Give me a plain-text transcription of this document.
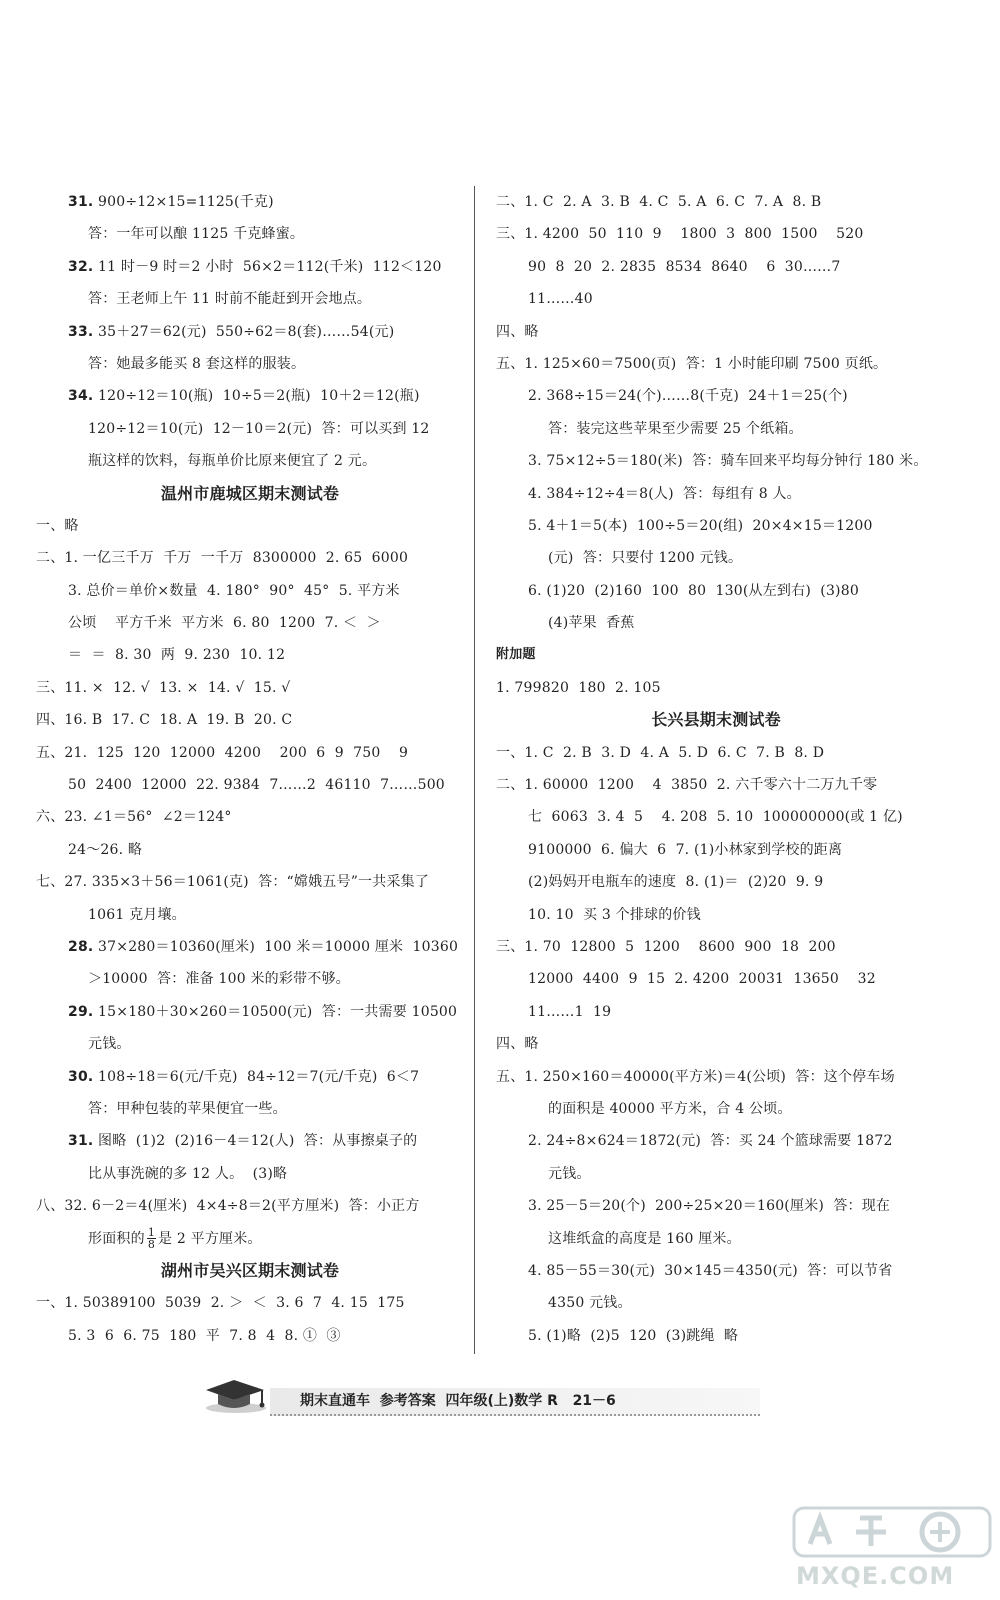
31. 900÷12×15=1125(千克)
答：一年可以酿 1125 千克蜂蜜。
32. 11 时－9 时＝2 小时  56×2＝112(千米)  112＜120
答：王老师上午 11 时前不能赶到开会地点。
33. 35＋27＝62(元)  550÷62＝8(套)……54(元)
答：她最多能买 8 套这样的服装。
34. 120÷12＝10(瓶)  10÷5＝2(瓶)  10＋2＝12(瓶)
120÷12＝10(元)  12－10＝2(元)  答：可以买到 12
瓶这样的饮料，每瓶单价比原来便宜了 2 元。
温州市鹿城区期末测试卷
一、略
二、1. 一亿三千万  千万  一千万  8300000  2. 65  6000
3. 总价＝单价×数量  4. 180°  90°  45°  5. 平方米
公顷    平方千米  平方米  6. 80  1200  7. ＜  ＞
＝  ＝  8. 30  两  9. 230  10. 12
三、11. ×  12. √  13. ×  14. √  15. √
四、16. B  17. C  18. A  19. B  20. C
五、21.  125  120  12000  4200    200  6  9  750    9
50  2400  12000  22. 9384  7……2  46110  7……500
六、23. ∠1＝56°  ∠2＝124°
24～26. 略
七、27. 335×3＋56＝1061(克)  答：“嫦娥五号”一共采集了
1061 克月壤。
28. 37×280＝10360(厘米)  100 米＝10000 厘米  10360
＞10000  答：准备 100 米的彩带不够。
29. 15×180＋30×260＝10500(元)  答：一共需要 10500
元钱。
30. 108÷18＝6(元/千克)  84÷12＝7(元/千克)  6＜7
答：甲种包装的苹果便宜一些。
31. 图略  (1)2  (2)16－4＝12(人)  答：从事擦桌子的
比从事洗碗的多 12 人。  (3)略
八、32. 6－2＝4(厘米)  4×4÷8＝2(平方厘米)  答：小正方
形面积的 $\frac{1}{8}$ 是 2 平方厘米。
湖州市吴兴区期末测试卷
一、1. 50389100  5039  2. ＞  ＜  3. 6  7  4. 15  175
5. 3  6  6. 75  180  平  7. 8  4  8. ①  ③
二、1. C  2. A  3. B  4. C  5. A  6. C  7. A  8. B
三、1. 4200  50  110  9    1800  3  800  1500    520
90  8  20  2. 2835  8534  8640    6  30……7
11……40
四、略
五、1. 125×60＝7500(页)  答：1 小时能印刷 7500 页纸。
2. 368÷15＝24(个)……8(千克)  24＋1＝25(个)
答：装完这些苹果至少需要 25 个纸箱。
3. 75×12÷5＝180(米)  答：骑车回来平均每分钟行 180 米。
4. 384÷12÷4＝8(人)  答：每组有 8 人。
5. 4＋1＝5(本)  100÷5＝20(组)  20×4×15＝1200
(元)  答：只要付 1200 元钱。
6. (1)20  (2)160  100  80  130(从左到右)  (3)80
(4)苹果  香蕉
附加题
1. 799820  180  2. 105
长兴县期末测试卷
一、1. C  2. B  3. D  4. A  5. D  6. C  7. B  8. D
二、1. 60000  1200    4  3850  2. 六千零六十二万九千零
七  6063  3. 4  5    4. 208  5. 10  100000000(或 1 亿)
9100000  6. 偏大  6  7. (1)小林家到学校的距离
(2)妈妈开电瓶车的速度  8. (1)＝  (2)20  9. 9
10. 10  买 3 个排球的价钱
三、1. 70  12800  5  1200    8600  900  18  200
12000  4400  9  15  2. 4200  20031  13650    32
11……1  19
四、略
五、1. 250×160＝40000(平方米)＝4(公顷)  答：这个停车场
的面积是 40000 平方米，合 4 公顷。
2. 24÷8×624＝1872(元)  答：买 24 个篮球需要 1872
元钱。
3. 25－5＝20(个)  200÷25×20＝160(厘米)  答：现在
这堆纸盒的高度是 160 厘米。
4. 85－55＝30(元)  30×145＝4350(元)  答：可以节省
4350 元钱。
5. (1)略  (2)5  120  (3)跳绳  略
期末直通车  参考答案  四年级(上)数学 R   21－6
MXQE.COM
